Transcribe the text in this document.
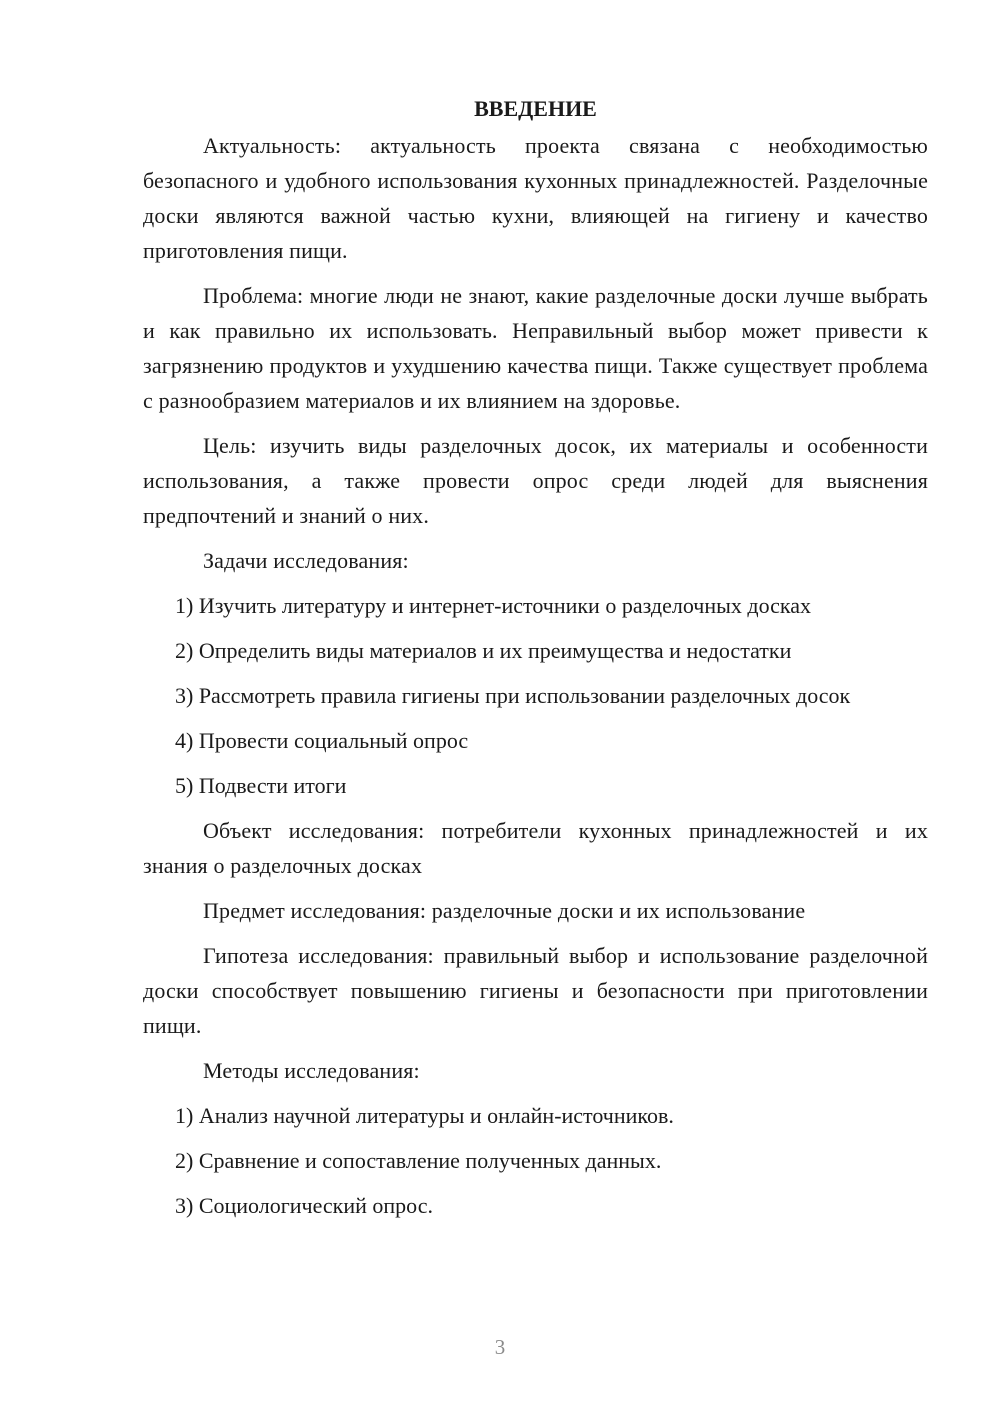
ВВЕДЕНИЕ

Актуальность: актуальность проекта связана с необходимостью безопасного и удобного использования кухонных принадлежностей. Разделочные доски являются важной частью кухни, влияющей на гигиену и качество приготовления пищи.

Проблема: многие люди не знают, какие разделочные доски лучше выбрать и как правильно их использовать. Неправильный выбор может привести к загрязнению продуктов и ухудшению качества пищи. Также существует проблема с разнообразием материалов и их влиянием на здоровье.

Цель: изучить виды разделочных досок, их материалы и особенности использования, а также провести опрос среди людей для выяснения предпочтений и знаний о них.

Задачи исследования:

1) Изучить литературу и интернет-источники о разделочных досках

2) Определить виды материалов и их преимущества и недостатки

3) Рассмотреть правила гигиены при использовании разделочных досок

4) Провести социальный опрос

5) Подвести итоги

Объект исследования: потребители кухонных принадлежностей и их знания о разделочных досках

Предмет исследования: разделочные доски и их использование

Гипотеза исследования: правильный выбор и использование разделочной доски способствует повышению гигиены и безопасности при приготовлении пищи.

Методы исследования:

1) Анализ научной литературы и онлайн-источников.

2) Сравнение и сопоставление полученных данных.

3) Социологический опрос.

3
